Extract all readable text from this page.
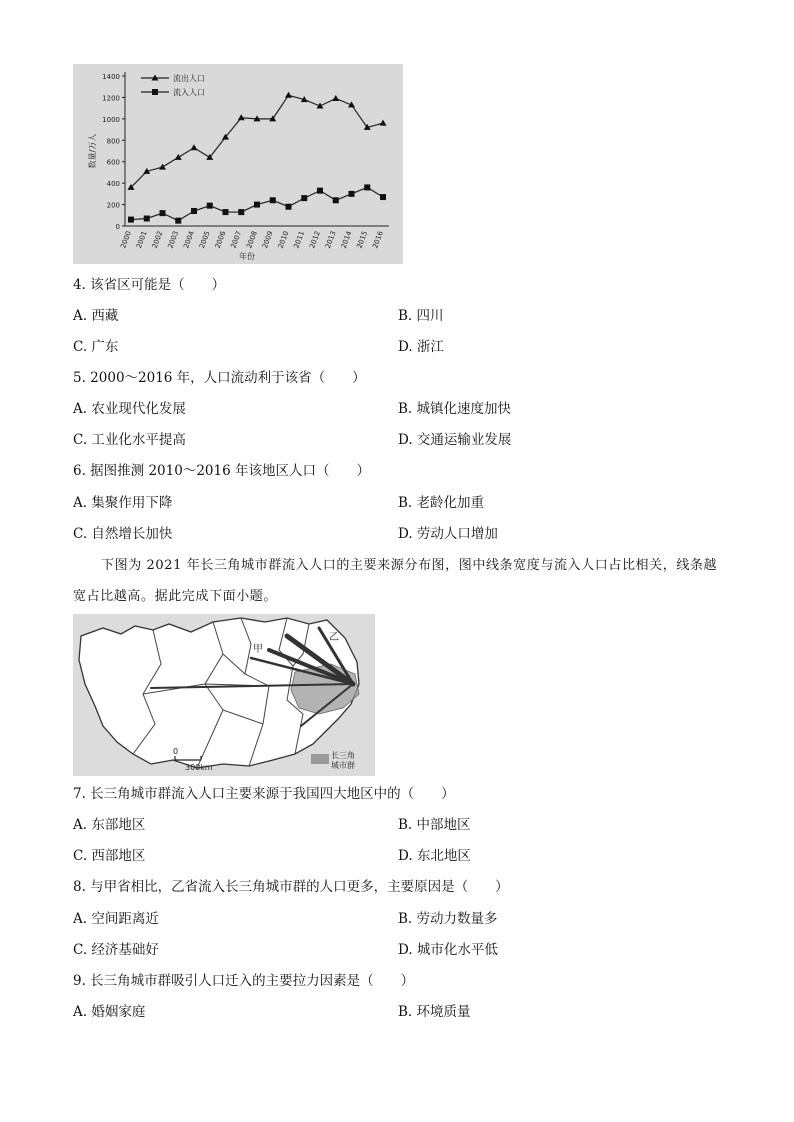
0
200
400
600
800
1000
1200
1400
2000 2001 2002 2003 2004 2005 2006 2007 2008 2009 2010 2011 2012 2013 2014 2015 2016
数量/万人
年份
流出人口
流入人口
4. 该省区可能是（　　）
A. 西藏	B. 四川
C. 广东	D. 浙江
5. 2000～2016 年，人口流动利于该省（　　）
A. 农业现代化发展	B. 城镇化速度加快
C. 工业化水平提高	D. 交通运输业发展
6. 据图推测 2010～2016 年该地区人口（　　）
A. 集聚作用下降	B. 老龄化加重
C. 自然增长加快	D. 劳动人口增加
下图为 2021 年长三角城市群流入人口的主要来源分布图，图中线条宽度与流入人口占比相关，线条越
宽占比越高。据此完成下面小题。
甲
乙
0
300km
长三角
城市群
7. 长三角城市群流入人口主要来源于我国四大地区中的（　　）
A. 东部地区	B. 中部地区
C. 西部地区	D. 东北地区
8. 与甲省相比，乙省流入长三角城市群的人口更多，主要原因是（　　）
A. 空间距离近	B. 劳动力数量多
C. 经济基础好	D. 城市化水平低
9. 长三角城市群吸引人口迁入的主要拉力因素是（　　）
A. 婚姻家庭	B. 环境质量
